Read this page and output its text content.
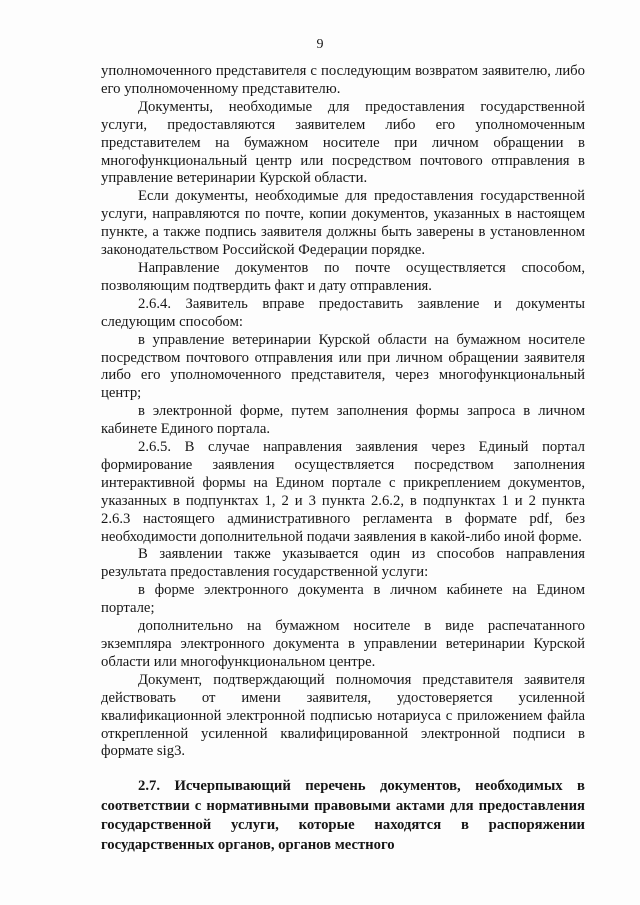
9

уполномоченного представителя с последующим возвратом заявителю, либо его уполномоченному представителю.

Документы, необходимые для предоставления государственной услуги, предоставляются заявителем либо его уполномоченным представителем на бумажном носителе при личном обращении в многофункциональный центр или посредством почтового отправления в управление ветеринарии Курской области.

Если документы, необходимые для предоставления государственной услуги, направляются по почте, копии документов, указанных в настоящем пункте, а также подпись заявителя должны быть заверены в установленном законодательством Российской Федерации порядке.

Направление документов по почте осуществляется способом, позволяющим подтвердить факт и дату отправления.

2.6.4. Заявитель вправе предоставить заявление и документы следующим способом:

в управление ветеринарии Курской области на бумажном носителе посредством почтового отправления или при личном обращении заявителя либо его уполномоченного представителя, через многофункциональный центр;

в электронной форме, путем заполнения формы запроса в личном кабинете Единого портала.

2.6.5. В случае направления заявления через Единый портал формирование заявления осуществляется посредством заполнения интерактивной формы на Едином портале с прикреплением документов, указанных в подпунктах 1, 2 и 3 пункта 2.6.2, в подпунктах 1 и 2 пункта 2.6.3 настоящего административного регламента в формате pdf, без необходимости дополнительной подачи заявления в какой-либо иной форме.

В заявлении также указывается один из способов направления результата предоставления государственной услуги:

в форме электронного документа в личном кабинете на Едином портале;

дополнительно на бумажном носителе в виде распечатанного экземпляра электронного документа в управлении ветеринарии Курской области или многофункциональном центре.

Документ, подтверждающий полномочия представителя заявителя действовать от имени заявителя, удостоверяется усиленной квалификационной электронной подписью нотариуса с приложением файла открепленной усиленной квалифицированной электронной подписи в формате sig3.

2.7. Исчерпывающий перечень документов, необходимых в соответствии с нормативными правовыми актами для предоставления государственной услуги, которые находятся в распоряжении государственных органов, органов местного
